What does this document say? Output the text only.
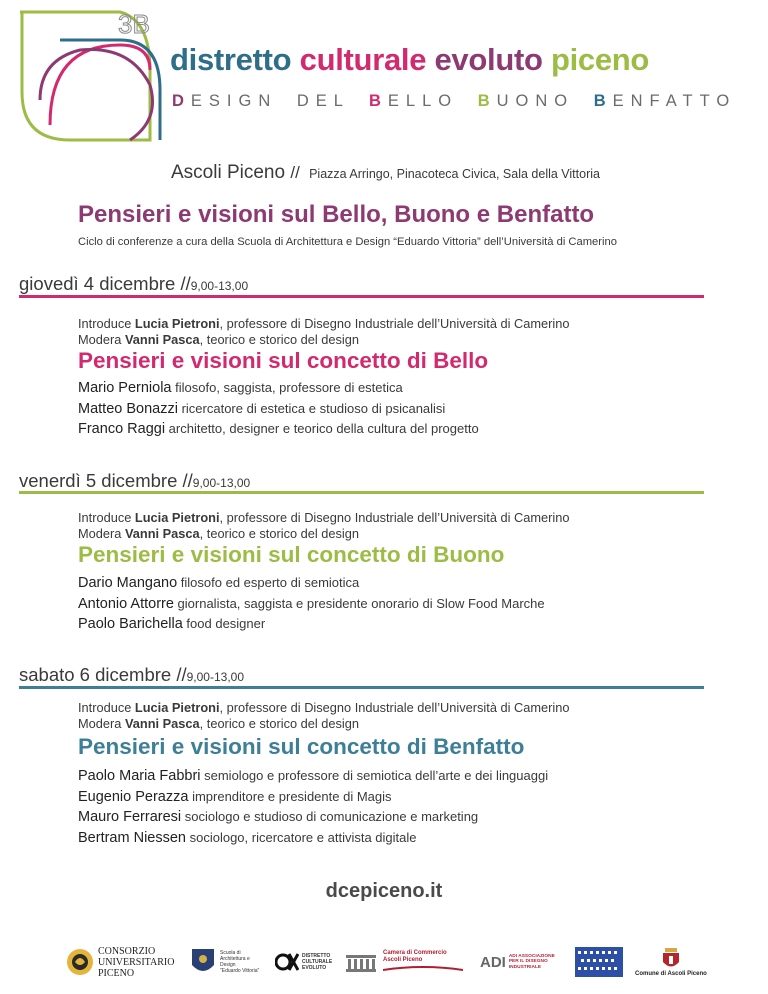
3B
distretto culturale evoluto piceno
DESIGN DEL BELLO BUONO BENFATTO
Ascoli Piceno // Piazza Arringo, Pinacoteca Civica, Sala della Vittoria
Pensieri e visioni sul Bello, Buono e Benfatto
Ciclo di conferenze a cura della Scuola di Architettura e Design “Eduardo Vittoria” dell’Università di Camerino
giovedì 4 dicembre //9,00-13,00
Introduce Lucia Pietroni, professore di Disegno Industriale dell’Università di Camerino
Modera Vanni Pasca, teorico e storico del design
Pensieri e visioni sul concetto di Bello
Mario Perniola filosofo, saggista, professore di estetica
Matteo Bonazzi ricercatore di estetica e studioso di psicanalisi
Franco Raggi architetto, designer e teorico della cultura del progetto
venerdì 5 dicembre //9,00-13,00
Introduce Lucia Pietroni, professore di Disegno Industriale dell’Università di Camerino
Modera Vanni Pasca, teorico e storico del design
Pensieri e visioni sul concetto di Buono
Dario Mangano filosofo ed esperto di semiotica
Antonio Attorre giornalista, saggista e presidente onorario di Slow Food Marche
Paolo Barichella food designer
sabato 6 dicembre //9,00-13,00
Introduce Lucia Pietroni, professore di Disegno Industriale dell’Università di Camerino
Modera Vanni Pasca, teorico e storico del design
Pensieri e visioni sul concetto di Benfatto
Paolo Maria Fabbri semiologo e professore di semiotica dell’arte e dei linguaggi
Eugenio Perazza imprenditore e presidente di Magis
Mauro Ferraresi sociologo e studioso di comunicazione e marketing
Bertram Niessen sociologo, ricercatore e attivista digitale
dcepiceno.it
CONSORZIO
UNIVERSITARIO
PICENO
Scuola di
Architettura e
Design
"Eduardo Vittoria"
DISTRETTO
CULTURALE
EVOLUTO
Camera di Commercio
Ascoli Piceno	ADI ADI ASSOCIAZIONE
PER IL DISEGNO
INDUSTRIALE
Comune di Ascoli Piceno
